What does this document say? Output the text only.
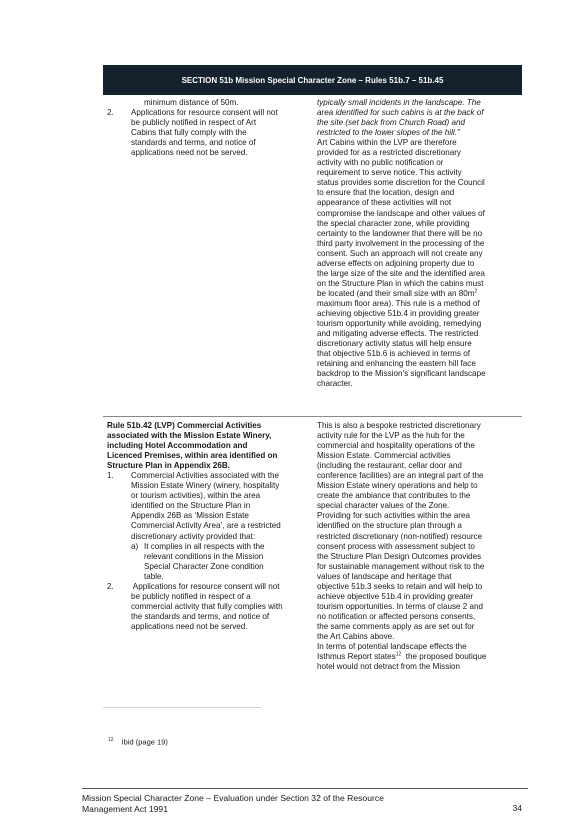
SECTION 51b Mission Special Character Zone – Rules 51b.7 – 51b.45
minimum distance of 50m.
2. Applications for resource consent will not
be publicly notified in respect of Art
Cabins that fully comply with the
standards and terms, and notice of
applications need not be served.
typically small incidents in the landscape. The
area identified for such cabins is at the back of
the site (set back from Church Road) and
restricted to the lower slopes of the hill.”
Art Cabins within the LVP are therefore
provided for as a restricted discretionary
activity with no public notification or
requirement to serve notice. This activity
status provides some discretion for the Council
to ensure that the location, design and
appearance of these activities will not
compromise the landscape and other values of
the special character zone, while providing
certainty to the landowner that there will be no
third party involvement in the processing of the
consent. Such an approach will not create any
adverse effects on adjoining property due to
the large size of the site and the identified area
on the Structure Plan in which the cabins must
be located (and their small size with an $80m^2$
maximum floor area). This rule is a method of
achieving objective 51b.4 in providing greater
tourism opportunity while avoiding, remedying
and mitigating adverse effects. The restricted
discretionary activity status will help ensure
that objective 51b.6 is achieved in terms of
retaining and enhancing the eastern hill face
backdrop to the Mission’s significant landscape
character.
Rule 51b.42 (LVP) Commercial Activities
associated with the Mission Estate Winery,
including Hotel Accommodation and
Licenced Premises, within area identified on
Structure Plan in Appendix 26B.
1. Commercial Activities associated with the
Mission Estate Winery (winery, hospitality
or tourism activities), within the area
identified on the Structure Plan in
Appendix 26B as ‘Mission Estate
Commercial Activity Area’, are a restricted
discretionary activity provided that:
a) It complies in all respects with the
relevant conditions in the Mission
Special Character Zone condition
table.
2. Applications for resource consent will not
be publicly notified in respect of a
commercial activity that fully complies with
the standards and terms, and notice of
applications need not be served.
This is also a bespoke restricted discretionary
activity rule for the LVP as the hub for the
commercial and hospitality operations of the
Mission Estate. Commercial activities
(including the restaurant, cellar door and
conference facilities) are an integral part of the
Mission Estate winery operations and help to
create the ambiance that contributes to the
special character values of the Zone.
Providing for such activities within the area
identified on the structure plan through a
restricted discretionary (non-notified) resource
consent process with assessment subject to
the Structure Plan Design Outcomes provides
for sustainable management without risk to the
values of landscape and heritage that
objective 51b.3 seeks to retain and will help to
achieve objective 51b.4 in providing greater
tourism opportunities. In terms of clause 2 and
no notification or affected persons consents,
the same comments apply as are set out for
the Art Cabins above.
In terms of potential landscape effects the
Isthmus Report states$^{12}$  the proposed boutique
hotel would not detract from the Mission
$^{12}$ Ibid (page 19)
Mission Special Character Zone – Evaluation under Section 32 of the Resource
Management Act 1991	34
